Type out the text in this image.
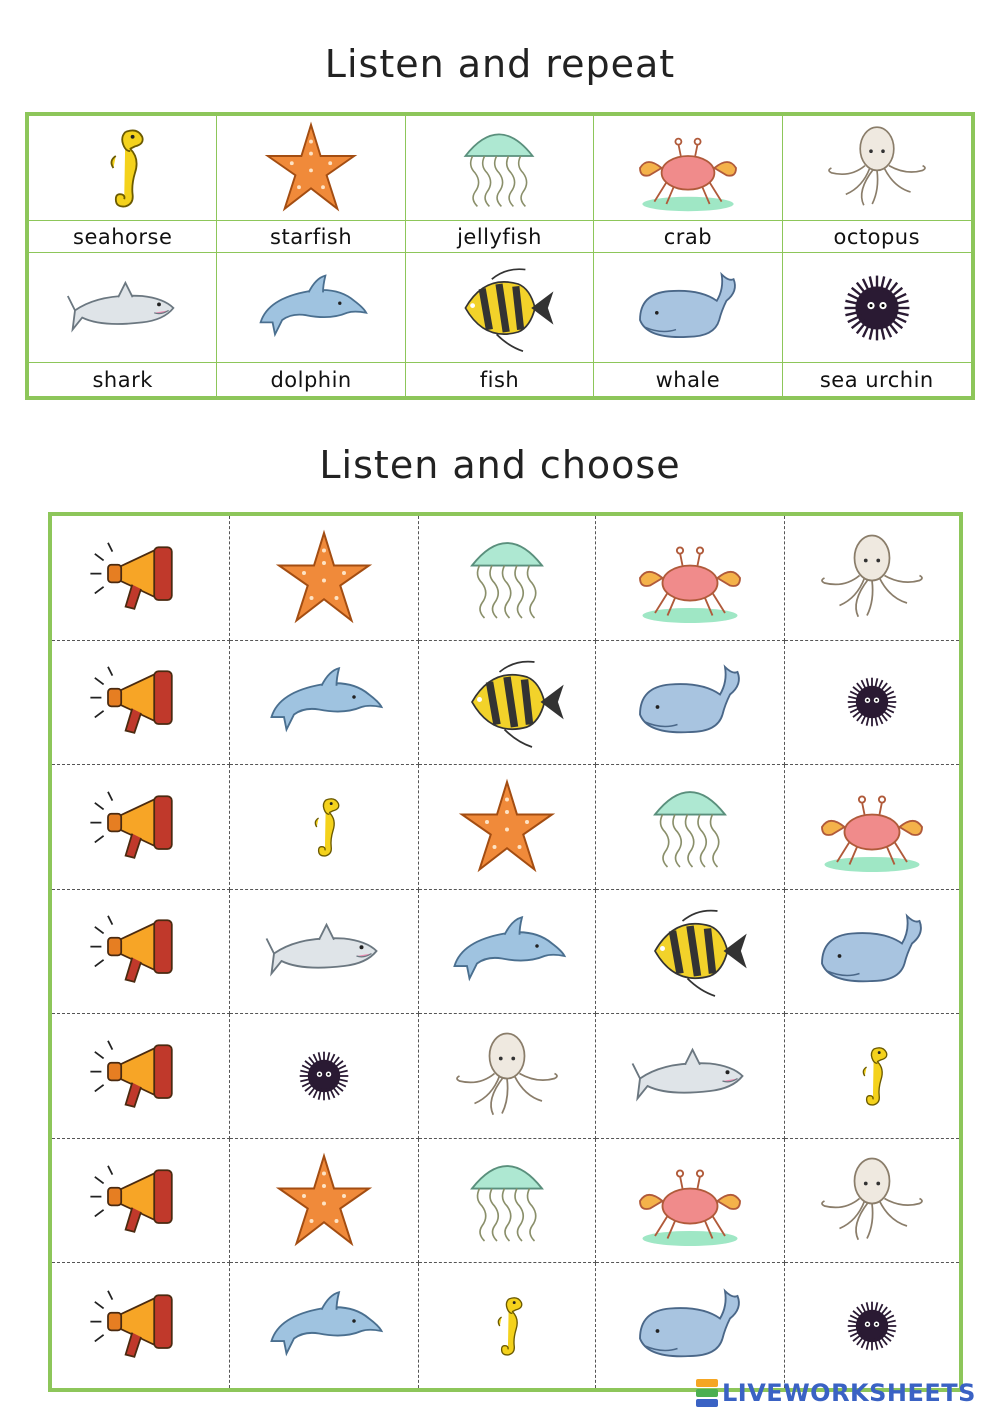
Listen and repeat
seahorse	starfish	jellyfish	crab	octopus
shark	dolphin	fish	whale	sea urchin
Listen and choose
LIVEWORKSHEETS
